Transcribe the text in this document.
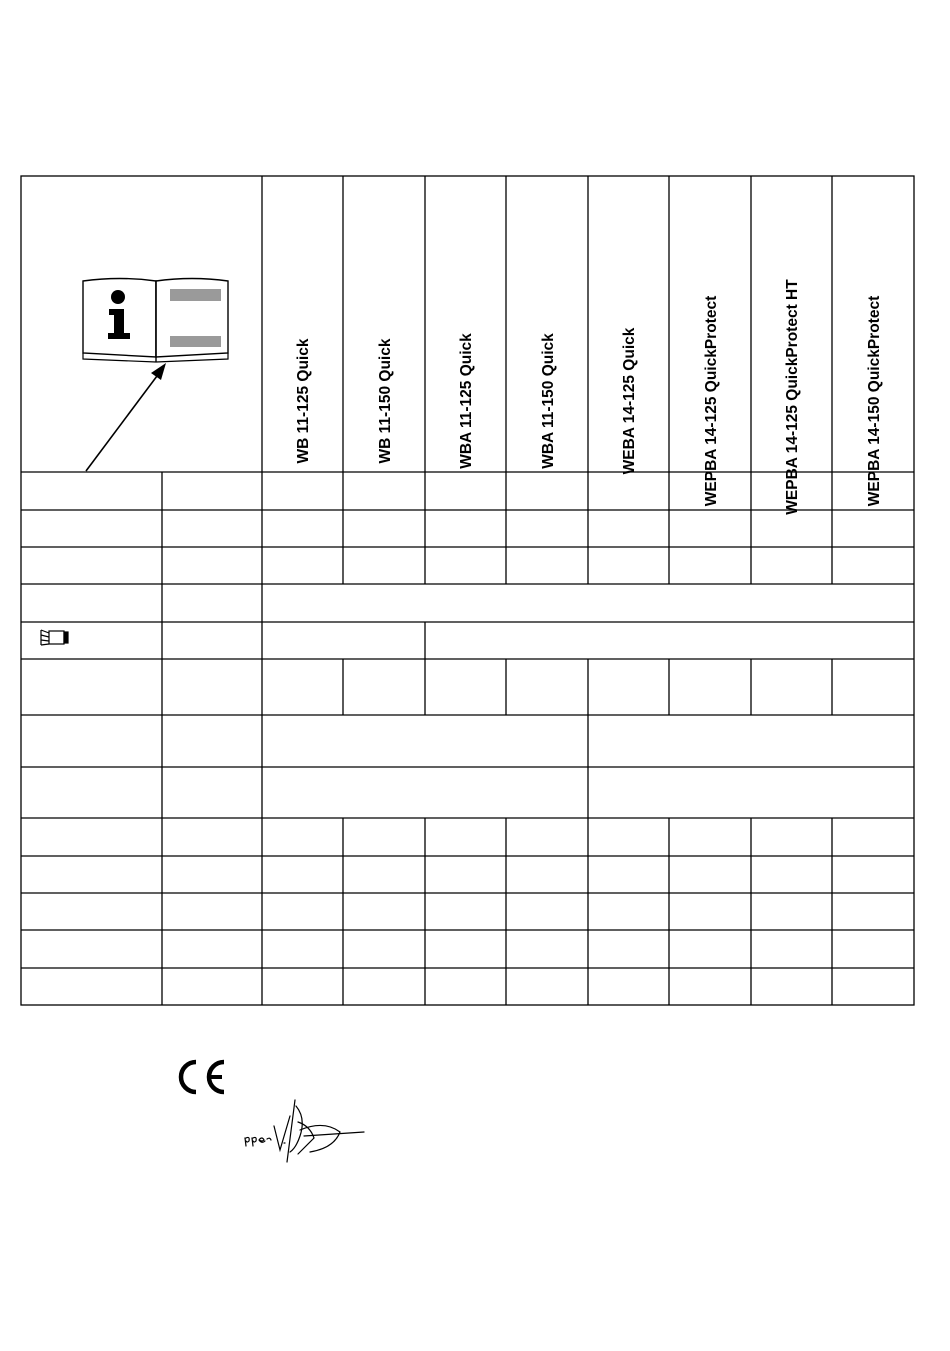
WB 11-125 Quick	WB 11-150 Quick	WBA 11-125 Quick	WBA 11-150 Quick	WEBA 14-125 Quick	WEPBA 14-125 QuickProtect	WEPBA 14-125 QuickProtect HT	WEPBA 14-150 QuickProtect
